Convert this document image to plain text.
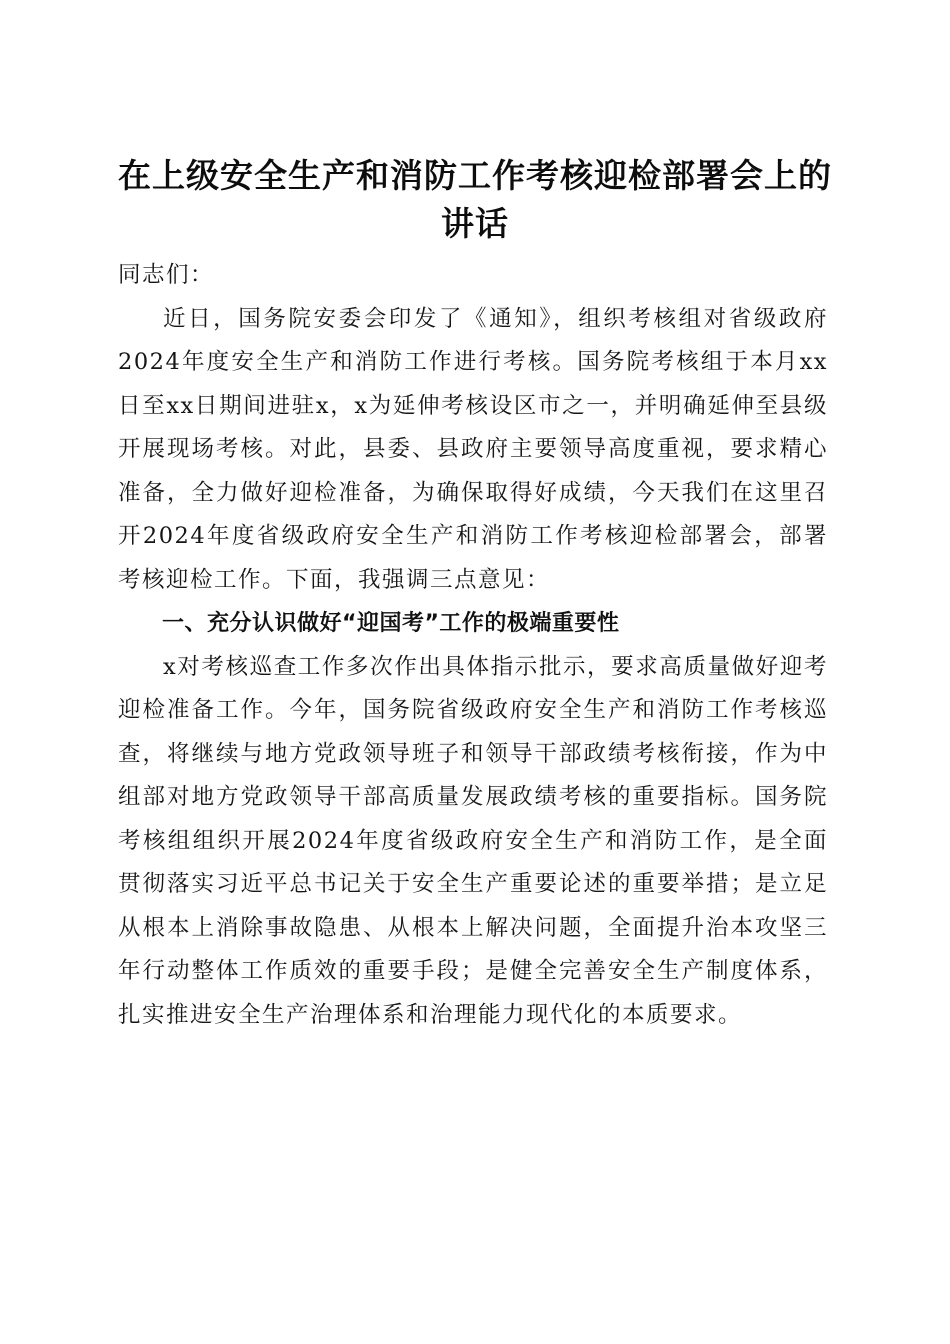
在上级安全生产和消防工作考核迎检部署会上的讲话

同志们：

近日，国务院安委会印发了《通知》，组织考核组对省级政府2024年度安全生产和消防工作进行考核。国务院考核组于本月xx日至xx日期间进驻x，x为延伸考核设区市之一，并明确延伸至县级开展现场考核。对此，县委、县政府主要领导高度重视，要求精心准备，全力做好迎检准备，为确保取得好成绩，今天我们在这里召开2024年度省级政府安全生产和消防工作考核迎检部署会，部署考核迎检工作。下面，我强调三点意见：

一、充分认识做好“迎国考”工作的极端重要性

x对考核巡查工作多次作出具体指示批示，要求高质量做好迎考迎检准备工作。今年，国务院省级政府安全生产和消防工作考核巡查，将继续与地方党政领导班子和领导干部政绩考核衔接，作为中组部对地方党政领导干部高质量发展政绩考核的重要指标。国务院考核组组织开展2024年度省级政府安全生产和消防工作，是全面贯彻落实习近平总书记关于安全生产重要论述的重要举措；是立足从根本上消除事故隐患、从根本上解决问题，全面提升治本攻坚三年行动整体工作质效的重要手段；是健全完善安全生产制度体系，扎实推进安全生产治理体系和治理能力现代化的本质要求。
